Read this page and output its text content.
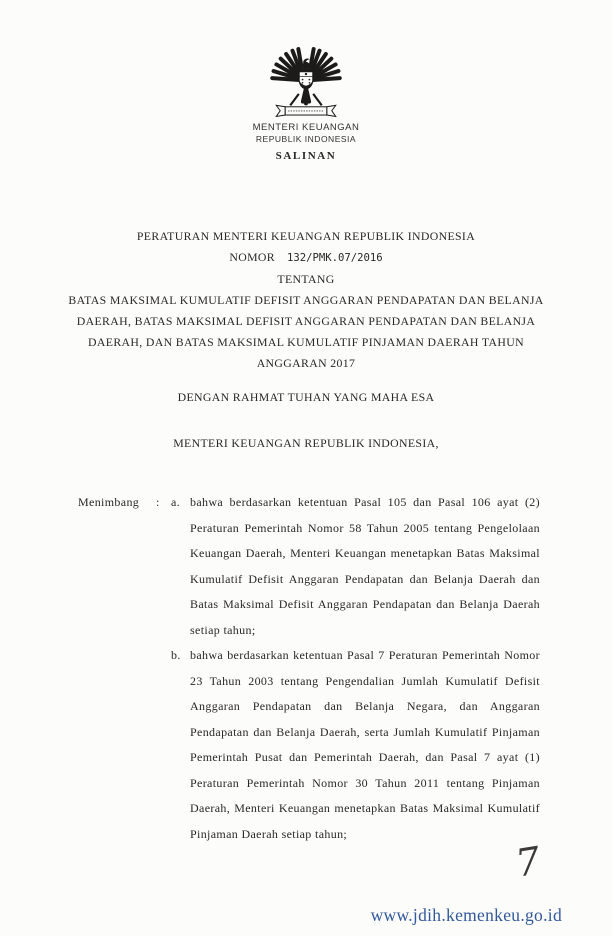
MENTERI KEUANGAN
REPUBLIK INDONESIA
SALINAN
PERATURAN MENTERI KEUANGAN REPUBLIK INDONESIA
NOMOR 132/PMK.07/2016
TENTANG
BATAS MAKSIMAL KUMULATIF DEFISIT ANGGARAN PENDAPATAN DAN BELANJA DAERAH, BATAS MAKSIMAL DEFISIT ANGGARAN PENDAPATAN DAN BELANJA DAERAH, DAN BATAS MAKSIMAL KUMULATIF PINJAMAN DAERAH TAHUN ANGGARAN 2017
DENGAN RAHMAT TUHAN YANG MAHA ESA
MENTERI KEUANGAN REPUBLIK INDONESIA,
Menimbang	: a. bahwa berdasarkan ketentuan Pasal 105 dan Pasal 106 ayat (2) Peraturan Pemerintah Nomor 58 Tahun 2005 tentang Pengelolaan Keuangan Daerah, Menteri Keuangan menetapkan Batas Maksimal Kumulatif Defisit Anggaran Pendapatan dan Belanja Daerah dan Batas Maksimal Defisit Anggaran Pendapatan dan Belanja Daerah setiap tahun;
b. bahwa berdasarkan ketentuan Pasal 7 Peraturan Pemerintah Nomor 23 Tahun 2003 tentang Pengendalian Jumlah Kumulatif Defisit Anggaran Pendapatan dan Belanja Negara, dan Anggaran Pendapatan dan Belanja Daerah, serta Jumlah Kumulatif Pinjaman Pemerintah Pusat dan Pemerintah Daerah, dan Pasal 7 ayat (1) Peraturan Pemerintah Nomor 30 Tahun 2011 tentang Pinjaman Daerah, Menteri Keuangan menetapkan Batas Maksimal Kumulatif Pinjaman Daerah setiap tahun;
7
www.jdih.kemenkeu.go.id
